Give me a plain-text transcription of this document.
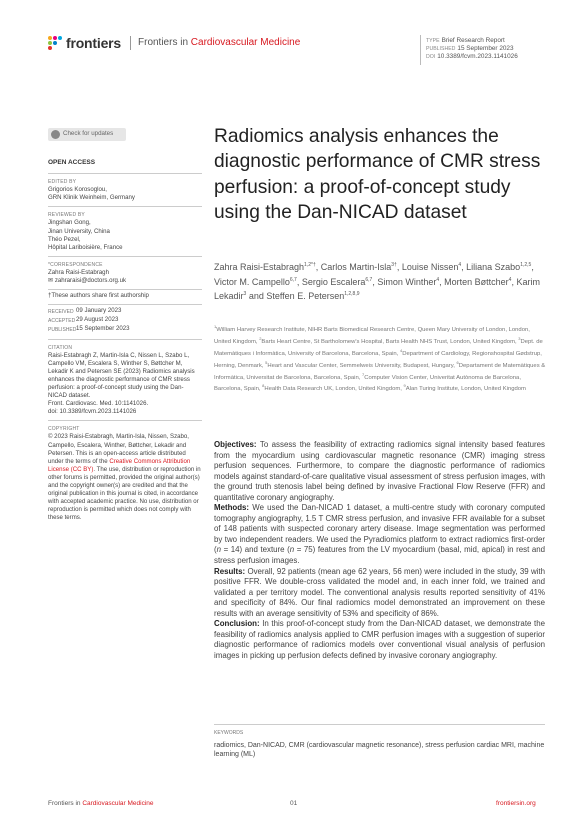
frontiers Frontiers in Cardiovascular Medicine	TYPE Brief Research Report
PUBLISHED 15 September 2023
DOI 10.3389/fcvm.2023.1141026
Check for updates
OPEN ACCESS
EDITED BY
Grigorios Korosoglou,
GRN Klinik Weinheim, Germany
REVIEWED BY
Jingshan Gong,
Jinan University, China
Théo Pezel,
Hôpital Lariboisière, France
*CORRESPONDENCE
Zahra Raisi-Estabragh
✉ zahraraisi@doctors.org.uk
†These authors share first authorship
RECEIVED 09 January 2023
ACCEPTED 29 August 2023
PUBLISHED 15 September 2023
CITATION
Raisi-Estabragh Z, Martin-Isla C, Nissen L, Szabo L, Campello VM, Escalera S, Winther S, Bøttcher M, Lekadir K and Petersen SE (2023) Radiomics analysis enhances the diagnostic performance of CMR stress perfusion: a proof-of-concept study using the Dan-NICAD dataset.
Front. Cardiovasc. Med. 10:1141026.
doi: 10.3389/fcvm.2023.1141026
COPYRIGHT
© 2023 Raisi-Estabragh, Martin-Isla, Nissen, Szabo, Campello, Escalera, Winther, Bøttcher, Lekadir and Petersen. This is an open-access article distributed under the terms of the Creative Commons Attribution License (CC BY). The use, distribution or reproduction in other forums is permitted, provided the original author(s) and the copyright owner(s) are credited and that the original publication in this journal is cited, in accordance with accepted academic practice. No use, distribution or reproduction is permitted which does not comply with these terms.
Radiomics analysis enhances the diagnostic performance of CMR stress perfusion: a proof-of-concept study using the Dan-NICAD dataset
Zahra Raisi-Estabragh$^{1,2*\dagger}$, Carlos Martin-Isla$^{3\dagger}$, Louise Nissen$^4$, Liliana Szabo$^{1,2,5}$, Victor M. Campello$^{6,7}$, Sergio Escalera$^{6,7}$, Simon Winther$^4$, Morten Bøttcher$^4$, Karim Lekadir$^3$ and Steffen E. Petersen$^{1,2,8,9}$
$^1$William Harvey Research Institute, NIHR Barts Biomedical Research Centre, Queen Mary University of London, London, United Kingdom, $^2$Barts Heart Centre, St Bartholomew's Hospital, Barts Health NHS Trust, London, United Kingdom, $^3$Dept. de Matemàtiques i Informàtica, University of Barcelona, Barcelona, Spain, $^4$Department of Cardiology, Regionshospital Gødstrup, Herning, Denmark, $^5$Heart and Vascular Center, Semmelweis University, Budapest, Hungary, $^6$Departament de Matemàtiques & Informàtica, Universitat de Barcelona, Barcelona, Spain, $^7$Computer Vision Center, Univeritat Autònoma de Barcelona, Barcelona, Spain, $^8$Health Data Research UK, London, United Kingdom, $^9$Alan Turing Institute, London, United Kingdom

Objectives: To assess the feasibility of extracting radiomics signal intensity based features from the myocardium using cardiovascular magnetic resonance (CMR) imaging stress perfusion sequences. Furthermore, to compare the diagnostic performance of radiomics models against standard-of-care qualitative visual assessment of stress perfusion images, with the ground truth stenosis label being defined by invasive Fractional Flow Reserve (FFR) and quantitative coronary angiography.

Methods: We used the Dan-NICAD 1 dataset, a multi-centre study with coronary computed tomography angiography, 1.5 T CMR stress perfusion, and invasive FFR available for a subset of 148 patients with suspected coronary artery disease. Image segmentation was performed by two independent readers. We used the Pyradiomics platform to extract radiomics first-order (n = 14) and texture (n = 75) features from the LV myocardium (basal, mid, apical) in rest and stress perfusion images.

Results: Overall, 92 patients (mean age 62 years, 56 men) were included in the study, 39 with positive FFR. We double-cross validated the model and, in each inner fold, we trained and validated a per territory model. The conventional analysis results reported sensitivity of 41% and specificity of 84%. Our final radiomics model demonstrated an improvement on these results with an average sensitivity of 53% and specificity of 86%.

Conclusion: In this proof-of-concept study from the Dan-NICAD dataset, we demonstrate the feasibility of radiomics analysis applied to CMR perfusion images with a suggestion of superior diagnostic performance of radiomics models over conventional visual analysis of perfusion images in picking up perfusion defects defined by invasive coronary angiography.

KEYWORDS
radiomics, Dan-NICAD, CMR (cardiovascular magnetic resonance), stress perfusion cardiac MRI, machine learning (ML)
Frontiers in Cardiovascular Medicine	01	frontiersin.org
